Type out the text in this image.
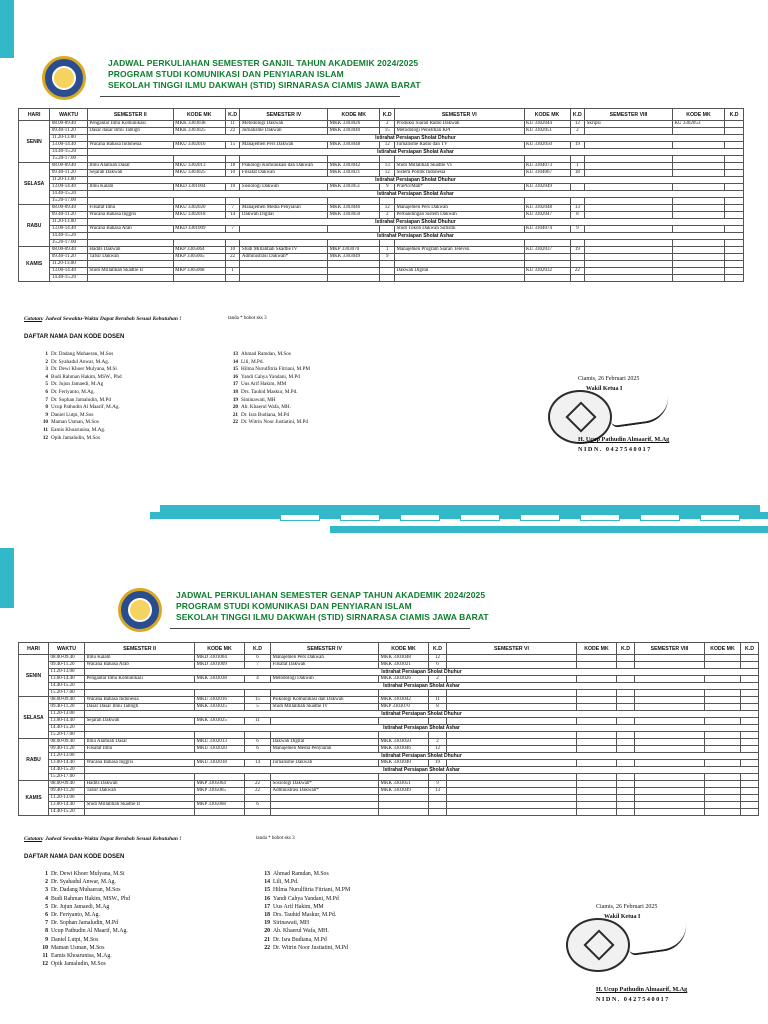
JADWAL PERKULIAHAN SEMESTER GANJIL TAHUN AKADEMIK 2024/2025
PROGRAM STUDI KOMUNIKASI DAN PENYIARAN ISLAM
SEKOLAH TINGGI ILMU DAKWAH (STID) SIRNARASA CIAMIS JAWA BARAT
HARI	WAKTU	SEMESTER II	KODE MK	K.D	SEMESTER IV	KODE MK	K.D	SEMESTER VI	KODE MK	K.D	SEMESTER VIII	KODE MK	K.D
SENIN	08.00-09.40	Pengantar Ilmu Komunikasi	MKK 3303038	11	Metodologi Dakwah	MKK 3303026	2	Produksi Siaran Radio Dakwah	KU 3302044	12	Skripsi	KU 3302053	
	09.40-11.20	Dasar dasar Ilmu Tabligh	MKK 3303025	22	Jurnalisme Dakwah	MKK 3303040	15	Metodologi Penelitian KPI	KU 3302051	2			
	11.20-13.00	Istirahat Persiapan Sholat Dhuhur											
	13.00-14.40	Wacana Bahasa Indonesia	MKU 3302016	15	Manajemen Pers Dakwah	MKK 3303048	12	Jurnalisme Radio dan TV	KU 3302050	19			
	14.40-15.20	Istirahat Persiapan Sholat Ashar											
	15.20-17.00												
SELASA	08.00-09.40	Ilmu Alamiah Dasar	MKU 3302013	18	Psikologi Komunikasi dan Dakwah	MKK 3303042	13	Studi Millahtiah Skadtie VI	KU 3304073	1			
	09.40-11.20	Sejarah Dakwah	MKU 3303025	10	Filsafat Dakwah	MKK 3303021	12	Sistem Politik Indonesia	KU 3304067	18			
	11.20-13.00	Istirahat Persiapan Sholat Dhuhur											
	13.00-14.40	Ilmu Kalam	MKD 3301004	10	Sosiologi Dakwah	MKK 3303051	9	PraPlo/Mah*	KU 3302049				
	14.40-15.20	Istirahat Persiapan Sholat Ashar											
	15.20-17.00												
RABU	08.00-09.40	Filsafat Ilmu	MKU 3302020	7	Manajemen Media Penyiaran	MKK 3303046	12	Manajemen Pers Dakwah	KU 3302048	13			
	09.40-11.20	Wacana Bahasa Inggris	MKU 3302018	14	Dakwah Digital	MKK 3303050	2	Perbandingan Sistem Dakwah	KU 3302047	8			
	11.20-13.00	Istirahat Persiapan Sholat Dhuhur											
	13.00-14.40	Wacana Bahasa Arab	MKD 3301009	7				Studi Tokoh Dakwah Sufistik	KU 3304074	9			
	14.40-15.20	Istirahat Persiapan Sholat Ashar											
	15.20-17.00												
KAMIS	08.00-09.40	Hadits Dakwah	MKP 3305064	10	Studi Millahtiah Skadtie IV	MKP 3303070	1	Manajemen Program Siaran Televisi	KU 3302037	19			
	09.40-11.20	Tafsir Dakwah	MKP 3305065	22	Administrasi Dakwah*	MKK 3303049	9						
	11.20-13.00												
	13.00-14.40	Studi Millahtiah Skadtie II	MKP 3305068	1				Dakwah Digital	KU 3302032	22			
	14.40-15.20												
Catatan: Jadwal Sewaktu-Waktu Dapat Berubah Sesuai Kebutuhan !	tanda * bobot sks 3
DAFTAR NAMA DAN KODE DOSEN
1 Dr. Dadang Muhaeran, M.Sos
2 Dr. Syahadul Anwar, M.Ag.
3 Dr. Dewi Khoer Mulyana, M.Si
4 Budi Rahman Hakim, MSW., Phd
5 Dr. Jujun Jamaedi, M.Ag
6 Dr. Feriyanto, M.Ag.
7 Dr. Sophan Jamaludin, M.Pd
8 Ucup Pathudin Al Maarif, M.Ag.
9 Daniel Lutpi, M.Sos
10 Maman Usman, M.Sos
11 Eamis Khoarunisa, M.Ag.
12 Opik Jamaludin, M.Sos
13 Ahmad Ramdan, M.Sos
14 Lili, M.Pd.
15 Hilma Nurulfitria Fitriani, M.PM
16 Yandi Cahya Yandani, M.Pd
17 Uus Arif Hakim, MM
18 Drs. Tauhid Maskur, M.Pd.
19 Siminawati, MH
20 Ab. Khaerul Wafa, MH.
21 Dr. Isra Budiana, M.Pd
22 Dr. Witrin Noor Justiatini, M.Pd
Ciamis, 26 Februari 2025
Wakil Ketua I
H. Ucup Pathudin Almaarif, M.Ag
NIDN. 0427540017
JADWAL PERKULIAHAN SEMESTER GENAP TAHUN AKADEMIK 2024/2025
PROGRAM STUDI KOMUNIKASI DAN PENYIARAN ISLAM
SEKOLAH TINGGI ILMU DAKWAH (STID) SIRNARASA CIAMIS JAWA BARAT
HARI	WAKTU	SEMESTER II	KODE MK	K.D	SEMESTER IV	KODE MK	K.D	SEMESTER VI	KODE MK	K.D	SEMESTER VIII	KODE MK	K.D
SENIN	08.00-09.40	Ilmu Kalam	MKD 3301004	6	Manajemen Pers Dakwah	MKK 3303048	12						
	09.40-11.20	Wacana Bahasa Arab	MKD 3301009	7	Filsafat Dakwah	MKK 3303021	6						
	11.20-13.00	Istirahat Persiapan Sholat Dhuhur											
	13.00-14.40	Pengantar Ilmu Komunikasi	MKK 3303038	4	Metodologi Dakwah	MKK 3303026	2						
	14.40-15.20	Istirahat Persiapan Sholat Ashar											
	15.20-17.00												
SELASA	08.00-09.40	Wacana Bahasa Indonesia	MKU 3302016	15	Psikologi Komunikasi dan Dakwah	MKK 3303042	11						
	09.40-11.20	Dasar Dasar Ilmu Tabligh	MKK 3303025	5	Studi Millahtiah Skadtie IV	MKP 3303070	8						
	11.20-13.00	Istirahat Persiapan Sholat Dhuhur											
	13.00-14.40	Sejarah Dakwah	MKK 3303025	11									
	14.40-15.20	Istirahat Persiapan Sholat Ashar											
	15.20-17.00												
RABU	08.00-09.40	Ilmu Alamiah Dasar	MKU 3302013	6	Dakwah Digital	MKK 3303050	2						
	09.40-11.20	Filsafat Ilmu	MKU 3302020	6	Manajemen Media Penyiaran	MKK 3303046	12						
	11.20-13.00	Istirahat Persiapan Sholat Dhuhur											
	13.00-14.40	Wacana Bahasa Inggris	MKU 3302018	14	Jurnalisme Dakwah	MKK 3303040	19						
	14.40-15.20	Istirahat Persiapan Sholat Ashar											
	15.20-17.00												
KAMIS	08.00-09.40	Hadits Dakwah	MKP 3305064	22	Sosiologi Dakwah*	MKK 3303051	9						
	09.40-11.20	Tafsir Dakwah	MKP 3305065	22	Administrasi Dakwah*	MKK 3303049	13						
	11.20-13.00												
	13.00-14.40	Studi Millahtiah Skadtie II	MKP 3305068	6									
	14.40-15.20												
Catatan: Jadwal Sewaktu-Waktu Dapat Berubah Sesuai Kebutuhan !	tanda * bobot sks 3
DAFTAR NAMA DAN KODE DOSEN
1 Dr. Dewi Khoer Mulyana, M.Si
2 Dr. Syahadul Anwar, M.Ag.
3 Dr. Dadang Muhaeran, M.Sos
4 Budi Rahman Hakim, MSW., Phd
5 Dr. Jujun Jamaedi, M.Ag
6 Dr. Feriyanto, M.Ag.
7 Dr. Sophan Jamaludin, M.Pd
8 Ucup Pathudin Al Maarif, M.Ag.
9 Daniel Lutpi, M.Sos
10 Maman Usman, M.Sos
11 Eamis Khoarunisa, M.Ag.
12 Opik Jamaludin, M.Sos
13 Ahmad Ramdan, M.Sos
14 Lili, M.Pd.
15 Hilma Nurulfitria Fitriani, M.PM
16 Yandi Cahya Yandani, M.Pd
17 Uus Arif Hakim, MM
18 Drs. Tauhid Maskur, M.Pd.
19 Sirinawati, MH
20 Ab. Khaerul Wafa, MH.
21 Dr. Isra Budiana, M.Pd
22 Dr. Witrin Noor Justiatini, M.Pd
Ciamis, 26 Februari 2025
Wakil Ketua I
H. Ucup Pathudin Almaarif, M.Ag
NIDN. 0427540017
